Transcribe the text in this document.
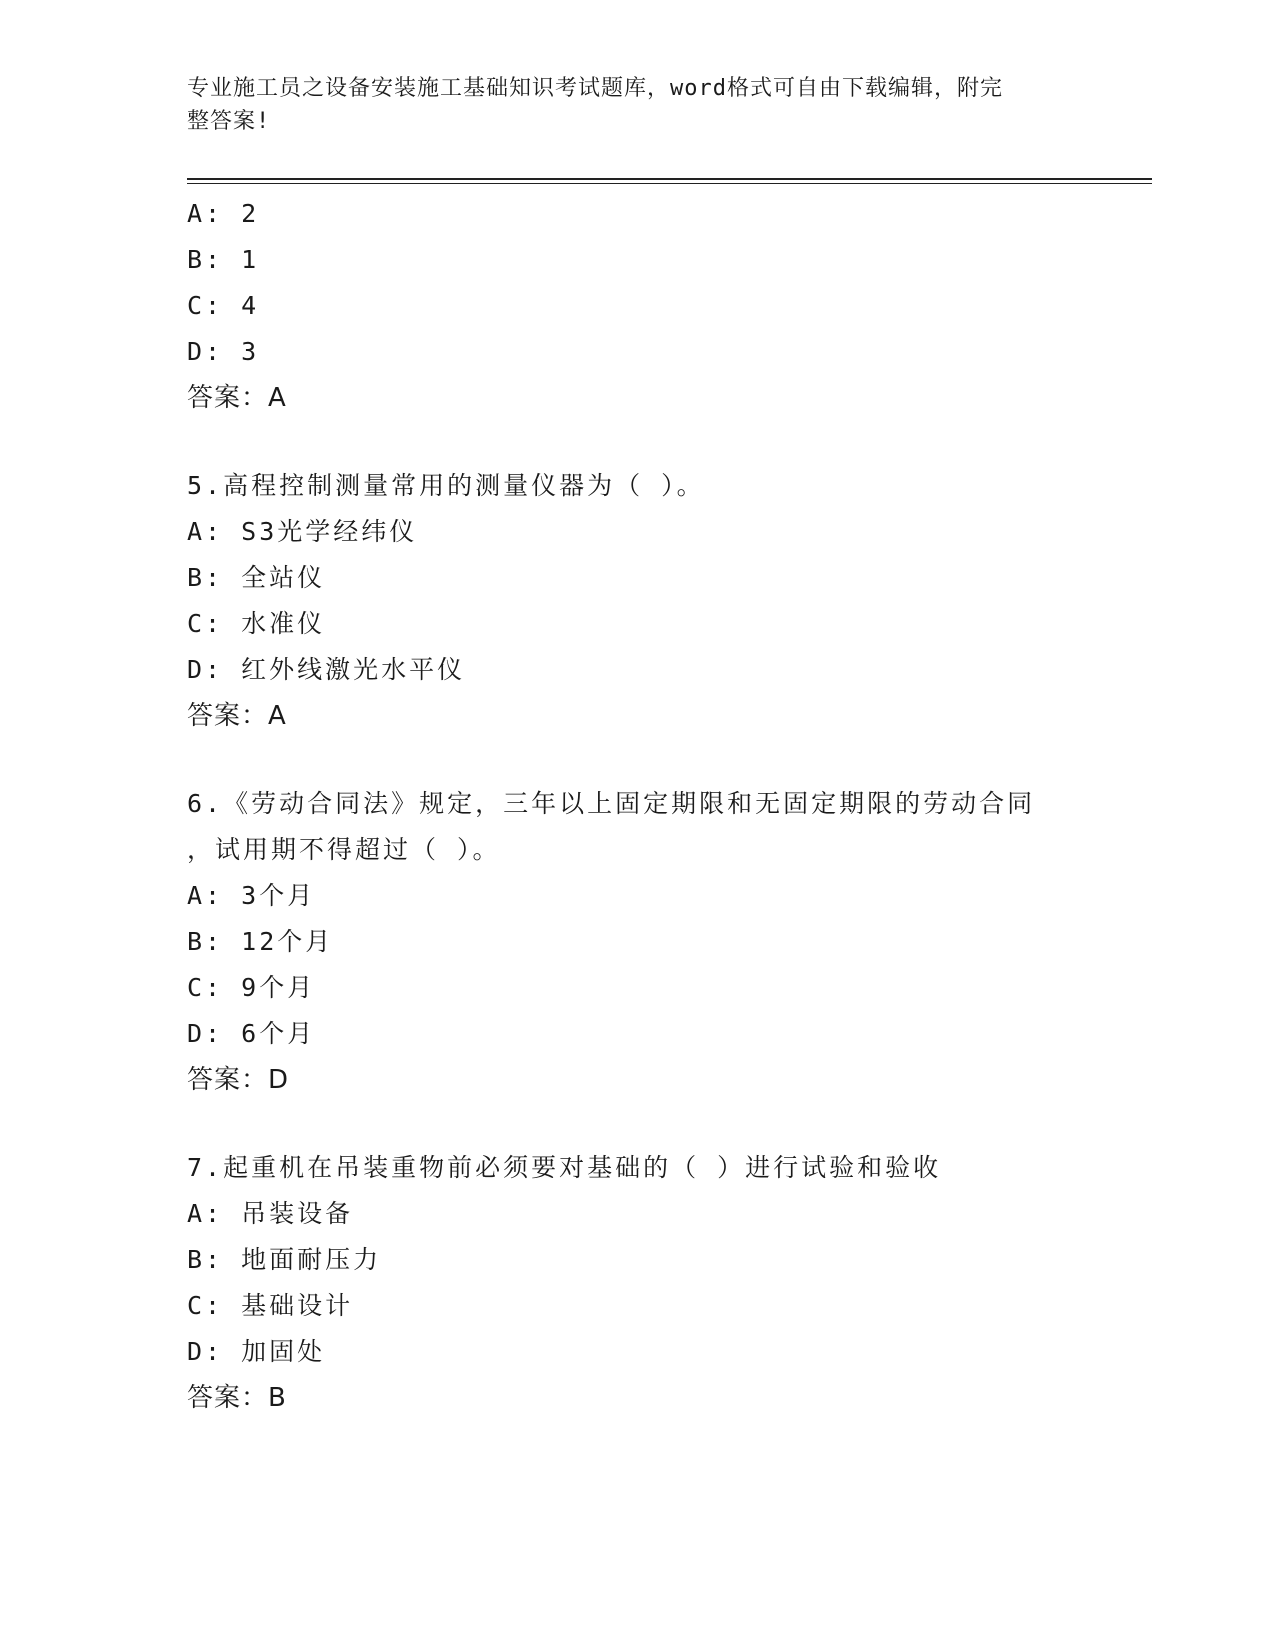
专业施工员之设备安装施工基础知识考试题库，word格式可自由下载编辑，附完
整答案!
A: 2
B: 1
C: 4
D: 3
答案：A
5.高程控制测量常用的测量仪器为（ ）。
A: S3光学经纬仪
B: 全站仪
C: 水准仪
D: 红外线激光水平仪
答案：A
6.《劳动合同法》规定，三年以上固定期限和无固定期限的劳动合同
，试用期不得超过（ ）。
A: 3个月
B: 12个月
C: 9个月
D: 6个月
答案：D
7.起重机在吊装重物前必须要对基础的（ ）进行试验和验收
A: 吊装设备
B: 地面耐压力
C: 基础设计
D: 加固处
答案：B
